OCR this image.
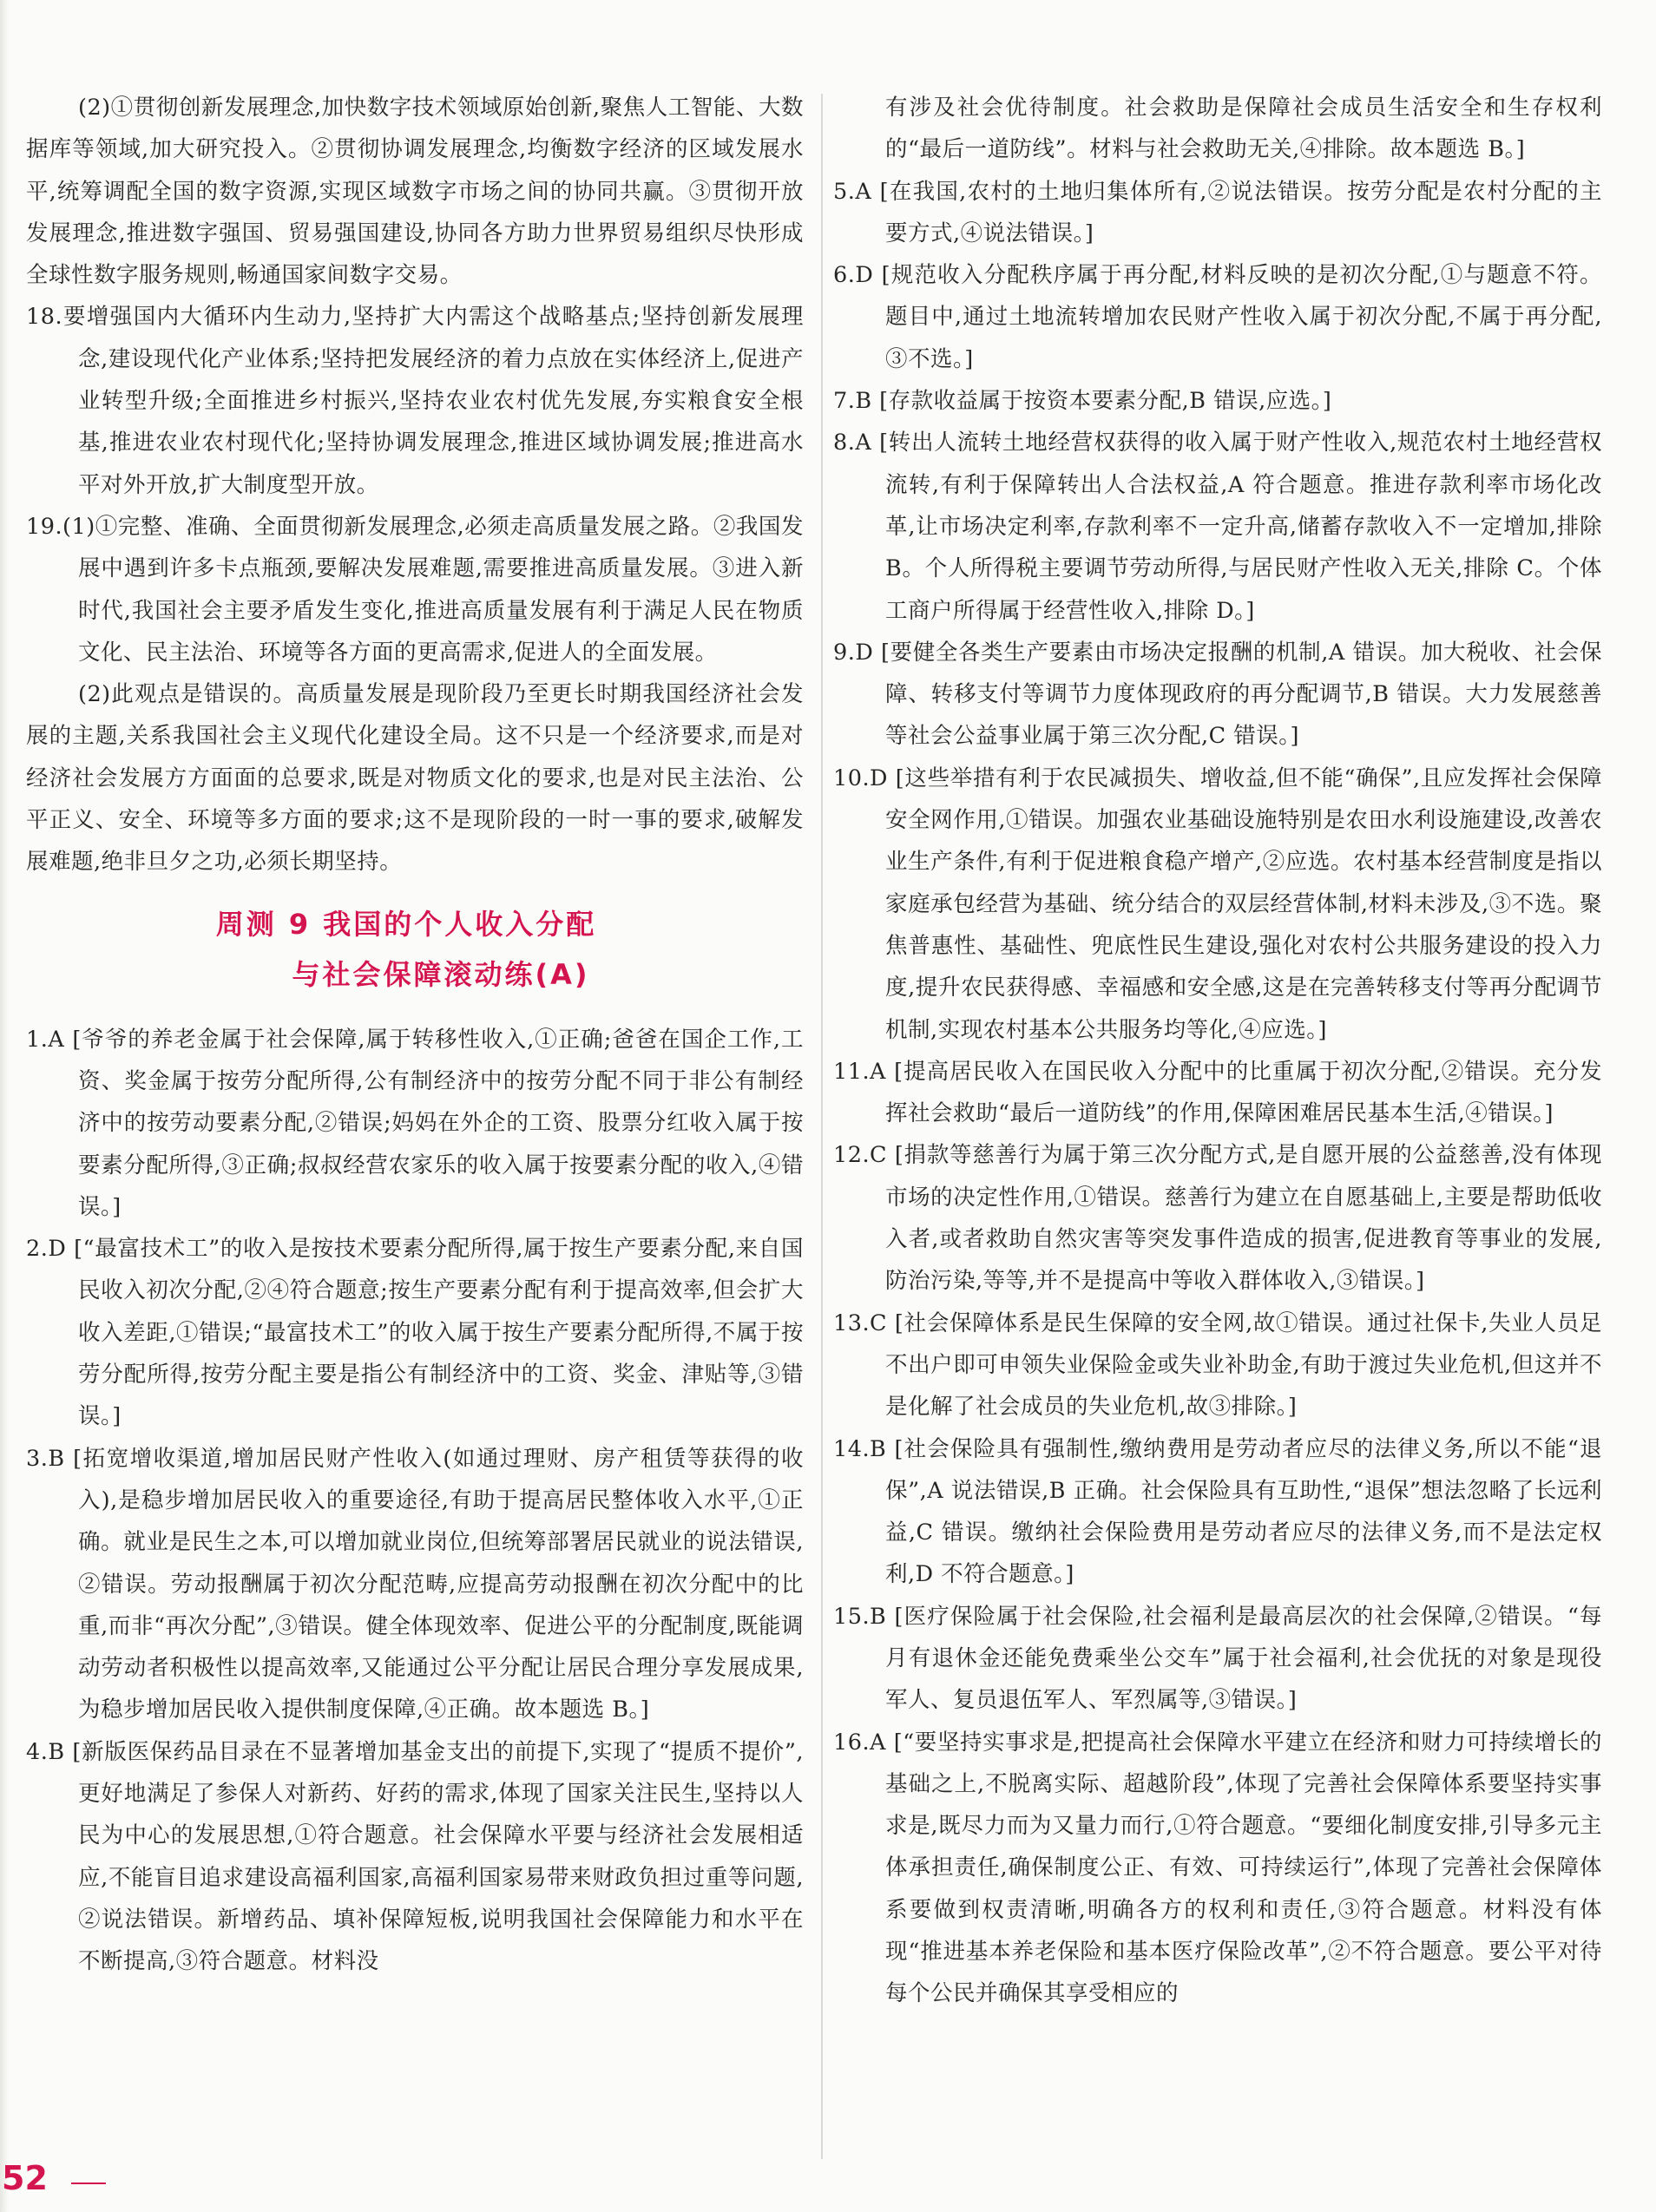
(2)①贯彻创新发展理念,加快数字技术领域原始创新,聚焦人工智能、大数据库等领域,加大研究投入。②贯彻协调发展理念,均衡数字经济的区域发展水平,统筹调配全国的数字资源,实现区域数字市场之间的协同共赢。③贯彻开放发展理念,推进数字强国、贸易强国建设,协同各方助力世界贸易组织尽快形成全球性数字服务规则,畅通国家间数字交易。

18.要增强国内大循环内生动力,坚持扩大内需这个战略基点;坚持创新发展理念,建设现代化产业体系;坚持把发展经济的着力点放在实体经济上,促进产业转型升级;全面推进乡村振兴,坚持农业农村优先发展,夯实粮食安全根基,推进农业农村现代化;坚持协调发展理念,推进区域协调发展;推进高水平对外开放,扩大制度型开放。

19.(1)①完整、准确、全面贯彻新发展理念,必须走高质量发展之路。②我国发展中遇到许多卡点瓶颈,要解决发展难题,需要推进高质量发展。③进入新时代,我国社会主要矛盾发生变化,推进高质量发展有利于满足人民在物质文化、民主法治、环境等各方面的更高需求,促进人的全面发展。

(2)此观点是错误的。高质量发展是现阶段乃至更长时期我国经济社会发展的主题,关系我国社会主义现代化建设全局。这不只是一个经济要求,而是对经济社会发展方方面面的总要求,既是对物质文化的要求,也是对民主法治、公平正义、安全、环境等多方面的要求;这不是现阶段的一时一事的要求,破解发展难题,绝非旦夕之功,必须长期坚持。

周测 9 我国的个人收入分配
与社会保障滚动练(A)

1.A [爷爷的养老金属于社会保障,属于转移性收入,①正确;爸爸在国企工作,工资、奖金属于按劳分配所得,公有制经济中的按劳分配不同于非公有制经济中的按劳动要素分配,②错误;妈妈在外企的工资、股票分红收入属于按要素分配所得,③正确;叔叔经营农家乐的收入属于按要素分配的收入,④错误。]

2.D [“最富技术工”的收入是按技术要素分配所得,属于按生产要素分配,来自国民收入初次分配,②④符合题意;按生产要素分配有利于提高效率,但会扩大收入差距,①错误;“最富技术工”的收入属于按生产要素分配所得,不属于按劳分配所得,按劳分配主要是指公有制经济中的工资、奖金、津贴等,③错误。]

3.B [拓宽增收渠道,增加居民财产性收入(如通过理财、房产租赁等获得的收入),是稳步增加居民收入的重要途径,有助于提高居民整体收入水平,①正确。就业是民生之本,可以增加就业岗位,但统筹部署居民就业的说法错误,②错误。劳动报酬属于初次分配范畴,应提高劳动报酬在初次分配中的比重,而非“再次分配”,③错误。健全体现效率、促进公平的分配制度,既能调动劳动者积极性以提高效率,又能通过公平分配让居民合理分享发展成果,为稳步增加居民收入提供制度保障,④正确。故本题选 B。]

4.B [新版医保药品目录在不显著增加基金支出的前提下,实现了“提质不提价”,更好地满足了参保人对新药、好药的需求,体现了国家关注民生,坚持以人民为中心的发展思想,①符合题意。社会保障水平要与经济社会发展相适应,不能盲目追求建设高福利国家,高福利国家易带来财政负担过重等问题,②说法错误。新增药品、填补保障短板,说明我国社会保障能力和水平在不断提高,③符合题意。材料没

有涉及社会优待制度。社会救助是保障社会成员生活安全和生存权利的“最后一道防线”。材料与社会救助无关,④排除。故本题选 B。]

5.A [在我国,农村的土地归集体所有,②说法错误。按劳分配是农村分配的主要方式,④说法错误。]

6.D [规范收入分配秩序属于再分配,材料反映的是初次分配,①与题意不符。题目中,通过土地流转增加农民财产性收入属于初次分配,不属于再分配,③不选。]

7.B [存款收益属于按资本要素分配,B 错误,应选。]

8.A [转出人流转土地经营权获得的收入属于财产性收入,规范农村土地经营权流转,有利于保障转出人合法权益,A 符合题意。推进存款利率市场化改革,让市场决定利率,存款利率不一定升高,储蓄存款收入不一定增加,排除 B。个人所得税主要调节劳动所得,与居民财产性收入无关,排除 C。个体工商户所得属于经营性收入,排除 D。]

9.D [要健全各类生产要素由市场决定报酬的机制,A 错误。加大税收、社会保障、转移支付等调节力度体现政府的再分配调节,B 错误。大力发展慈善等社会公益事业属于第三次分配,C 错误。]

10.D [这些举措有利于农民减损失、增收益,但不能“确保”,且应发挥社会保障安全网作用,①错误。加强农业基础设施特别是农田水利设施建设,改善农业生产条件,有利于促进粮食稳产增产,②应选。农村基本经营制度是指以家庭承包经营为基础、统分结合的双层经营体制,材料未涉及,③不选。聚焦普惠性、基础性、兜底性民生建设,强化对农村公共服务建设的投入力度,提升农民获得感、幸福感和安全感,这是在完善转移支付等再分配调节机制,实现农村基本公共服务均等化,④应选。]

11.A [提高居民收入在国民收入分配中的比重属于初次分配,②错误。充分发挥社会救助“最后一道防线”的作用,保障困难居民基本生活,④错误。]

12.C [捐款等慈善行为属于第三次分配方式,是自愿开展的公益慈善,没有体现市场的决定性作用,①错误。慈善行为建立在自愿基础上,主要是帮助低收入者,或者救助自然灾害等突发事件造成的损害,促进教育等事业的发展,防治污染,等等,并不是提高中等收入群体收入,③错误。]

13.C [社会保障体系是民生保障的安全网,故①错误。通过社保卡,失业人员足不出户即可申领失业保险金或失业补助金,有助于渡过失业危机,但这并不是化解了社会成员的失业危机,故③排除。]

14.B [社会保险具有强制性,缴纳费用是劳动者应尽的法律义务,所以不能“退保”,A 说法错误,B 正确。社会保险具有互助性,“退保”想法忽略了长远利益,C 错误。缴纳社会保险费用是劳动者应尽的法律义务,而不是法定权利,D 不符合题意。]

15.B [医疗保险属于社会保险,社会福利是最高层次的社会保障,②错误。“每月有退休金还能免费乘坐公交车”属于社会福利,社会优抚的对象是现役军人、复员退伍军人、军烈属等,③错误。]

16.A [“要坚持实事求是,把提高社会保障水平建立在经济和财力可持续增长的基础之上,不脱离实际、超越阶段”,体现了完善社会保障体系要坚持实事求是,既尽力而为又量力而行,①符合题意。“要细化制度安排,引导多元主体承担责任,确保制度公正、有效、可持续运行”,体现了完善社会保障体系要做到权责清晰,明确各方的权利和责任,③符合题意。材料没有体现“推进基本养老保险和基本医疗保险改革”,②不符合题意。要公平对待每个公民并确保其享受相应的

52
